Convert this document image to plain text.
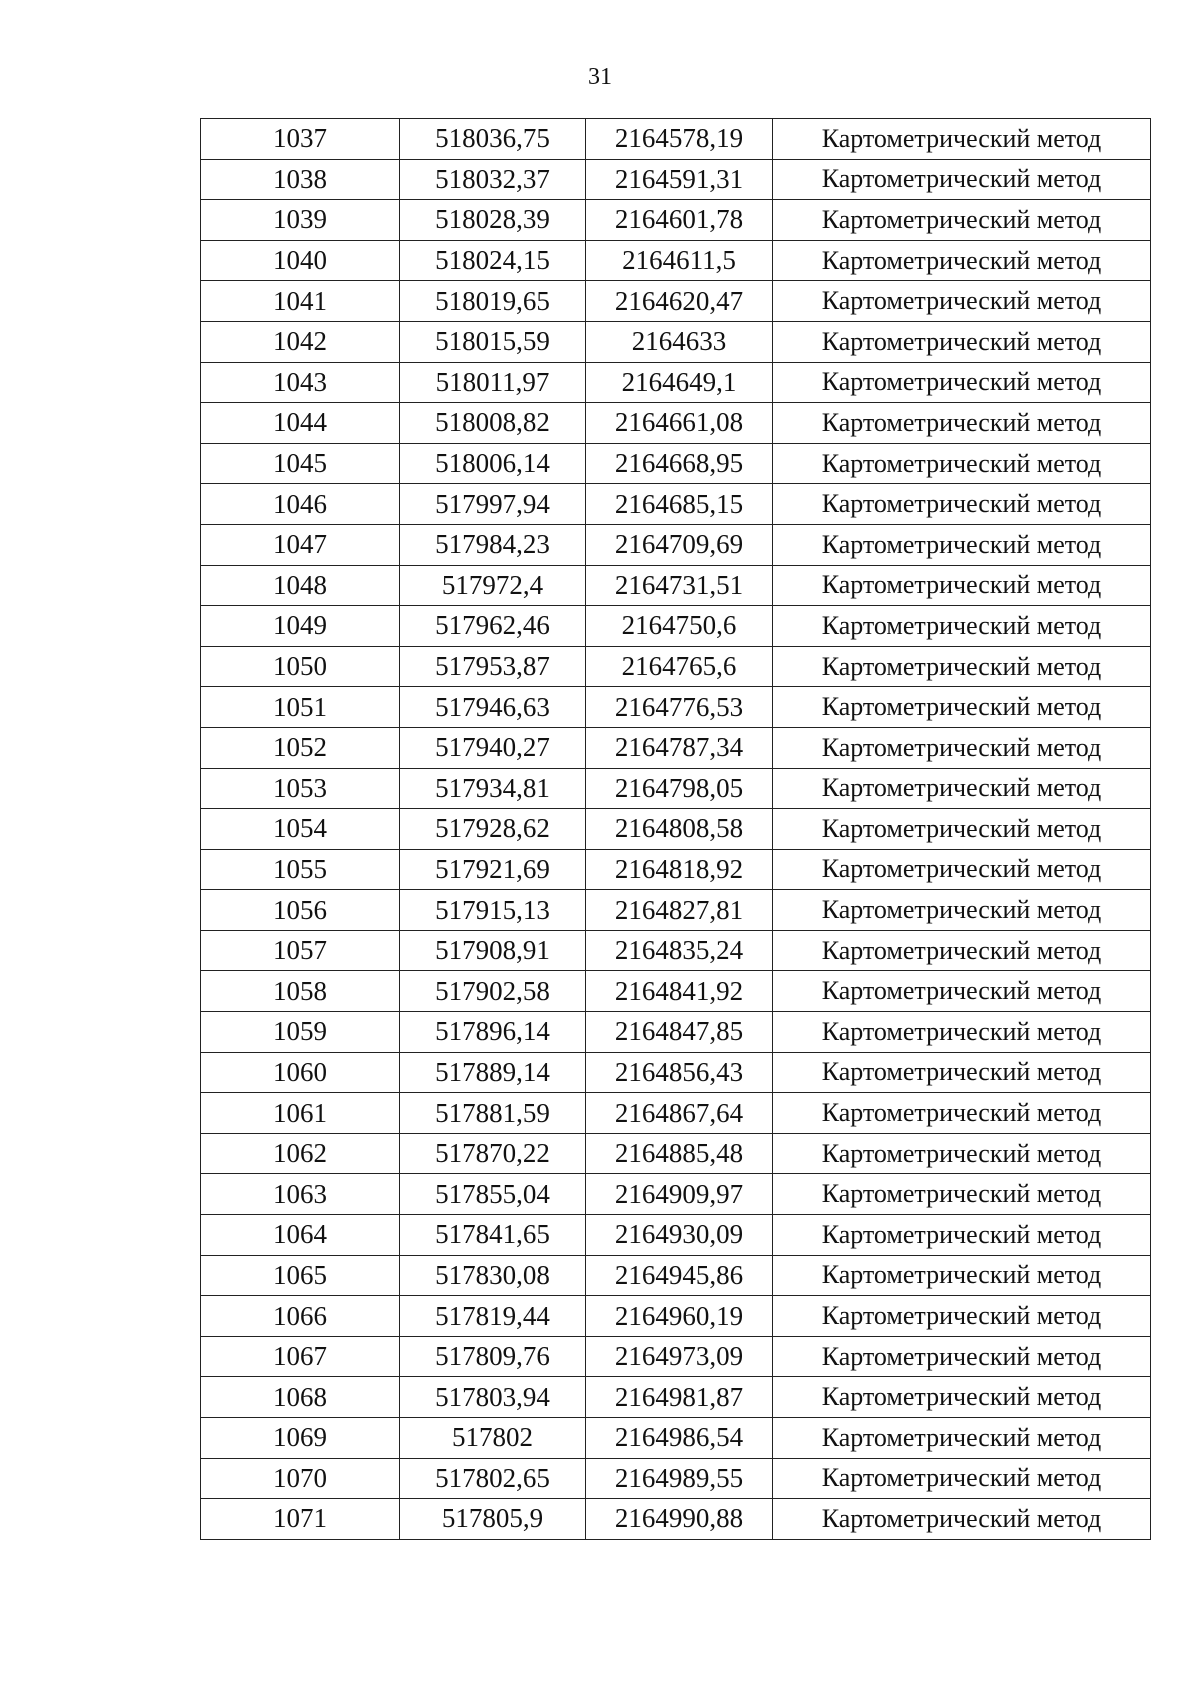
31
1037	518036,75	2164578,19	Картометрический метод
1038	518032,37	2164591,31	Картометрический метод
1039	518028,39	2164601,78	Картометрический метод
1040	518024,15	2164611,5	Картометрический метод
1041	518019,65	2164620,47	Картометрический метод
1042	518015,59	2164633	Картометрический метод
1043	518011,97	2164649,1	Картометрический метод
1044	518008,82	2164661,08	Картометрический метод
1045	518006,14	2164668,95	Картометрический метод
1046	517997,94	2164685,15	Картометрический метод
1047	517984,23	2164709,69	Картометрический метод
1048	517972,4	2164731,51	Картометрический метод
1049	517962,46	2164750,6	Картометрический метод
1050	517953,87	2164765,6	Картометрический метод
1051	517946,63	2164776,53	Картометрический метод
1052	517940,27	2164787,34	Картометрический метод
1053	517934,81	2164798,05	Картометрический метод
1054	517928,62	2164808,58	Картометрический метод
1055	517921,69	2164818,92	Картометрический метод
1056	517915,13	2164827,81	Картометрический метод
1057	517908,91	2164835,24	Картометрический метод
1058	517902,58	2164841,92	Картометрический метод
1059	517896,14	2164847,85	Картометрический метод
1060	517889,14	2164856,43	Картометрический метод
1061	517881,59	2164867,64	Картометрический метод
1062	517870,22	2164885,48	Картометрический метод
1063	517855,04	2164909,97	Картометрический метод
1064	517841,65	2164930,09	Картометрический метод
1065	517830,08	2164945,86	Картометрический метод
1066	517819,44	2164960,19	Картометрический метод
1067	517809,76	2164973,09	Картометрический метод
1068	517803,94	2164981,87	Картометрический метод
1069	517802	2164986,54	Картометрический метод
1070	517802,65	2164989,55	Картометрический метод
1071	517805,9	2164990,88	Картометрический метод
